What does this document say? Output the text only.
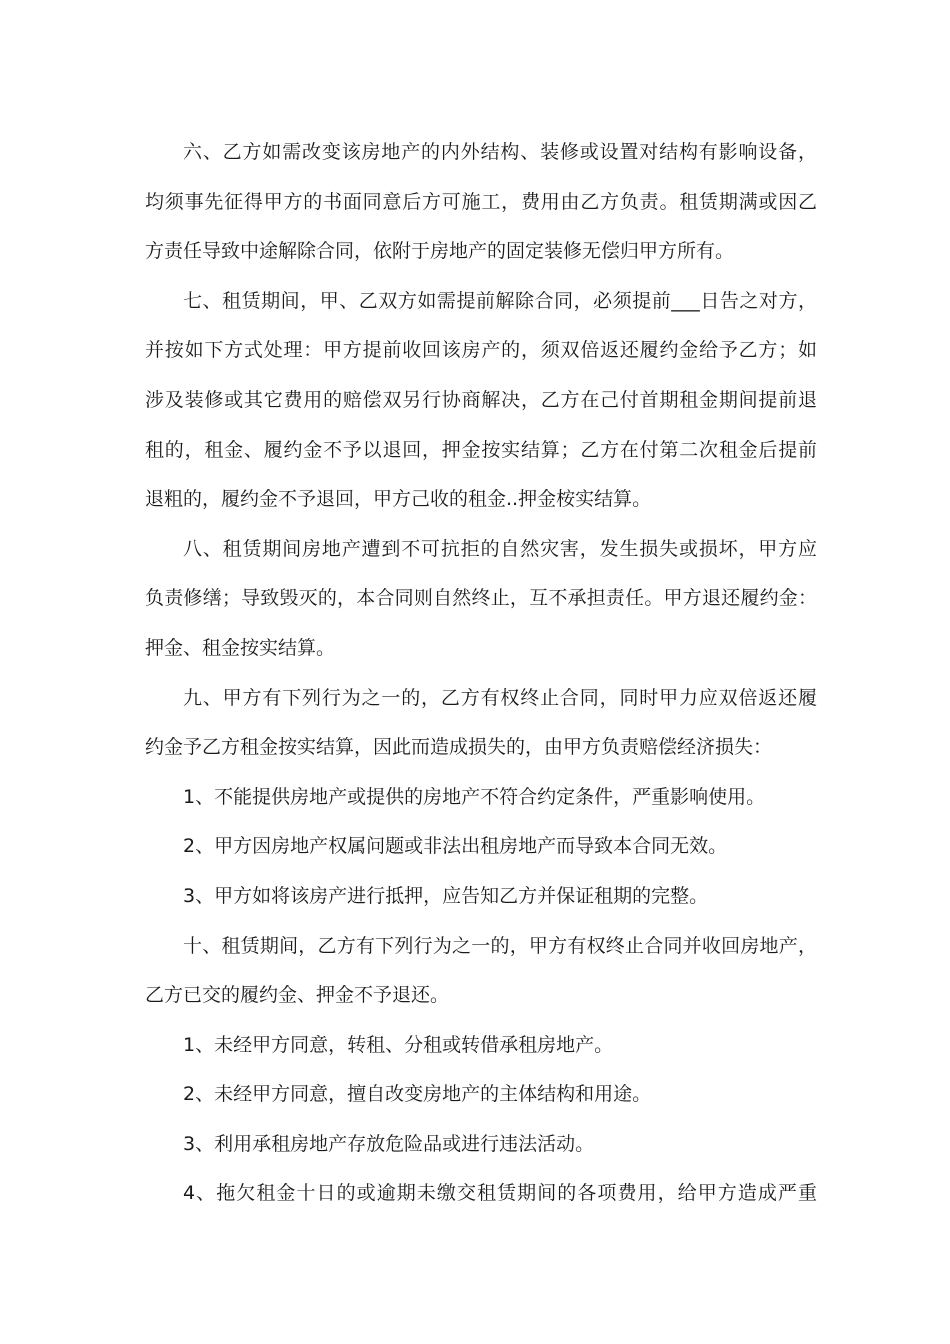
六、乙方如需改变该房地产的内外结构、装修或设置对结构有影响设备，
均须事先征得甲方的书面同意后方可施工，费用由乙方负责。租赁期满或因乙
方责任导致中途解除合同，依附于房地产的固定装修无偿归甲方所有。
七、租赁期间，甲、乙双方如需提前解除合同，必须提前___日告之对方，
并按如下方式处理：甲方提前收回该房产的，须双倍返还履约金给予乙方；如
涉及装修或其它费用的赔偿双另行协商解决，乙方在己付首期租金期间提前退
租的，租金、履约金不予以退回，押金按实结算；乙方在付第二次租金后提前
退粗的，履约金不予退回，甲方己收的租金..押金桉实结算。
八、租赁期间房地产遭到不可抗拒的自然灾害，发生损失或损坏，甲方应
负责修缮；导致毁灭的，本合同则自然终止，互不承担责任。甲方退还履约金：
押金、租金按实结算。
九、甲方有下列行为之一的，乙方有权终止合同，同时甲力应双倍返还履
约金予乙方租金按实结算，因此而造成损失的，由甲方负责赔偿经济损失：
1、不能提供房地产或提供的房地产不符合约定条件，严重影响使用。
2、甲方因房地产权属问题或非法出租房地产而导致本合同无效。
3、甲方如将该房产进行抵押，应告知乙方并保证租期的完整。
十、租赁期间，乙方有下列行为之一的，甲方有权终止合同并收回房地产，
乙方已交的履约金、押金不予退还。
1、未经甲方同意，转租、分租或转借承租房地产。
2、未经甲方同意，擅自改变房地产的主体结构和用途。
3、利用承租房地产存放危险品或进行违法活动。
4、拖欠租金十日的或逾期未缴交租赁期间的各项费用，给甲方造成严重
